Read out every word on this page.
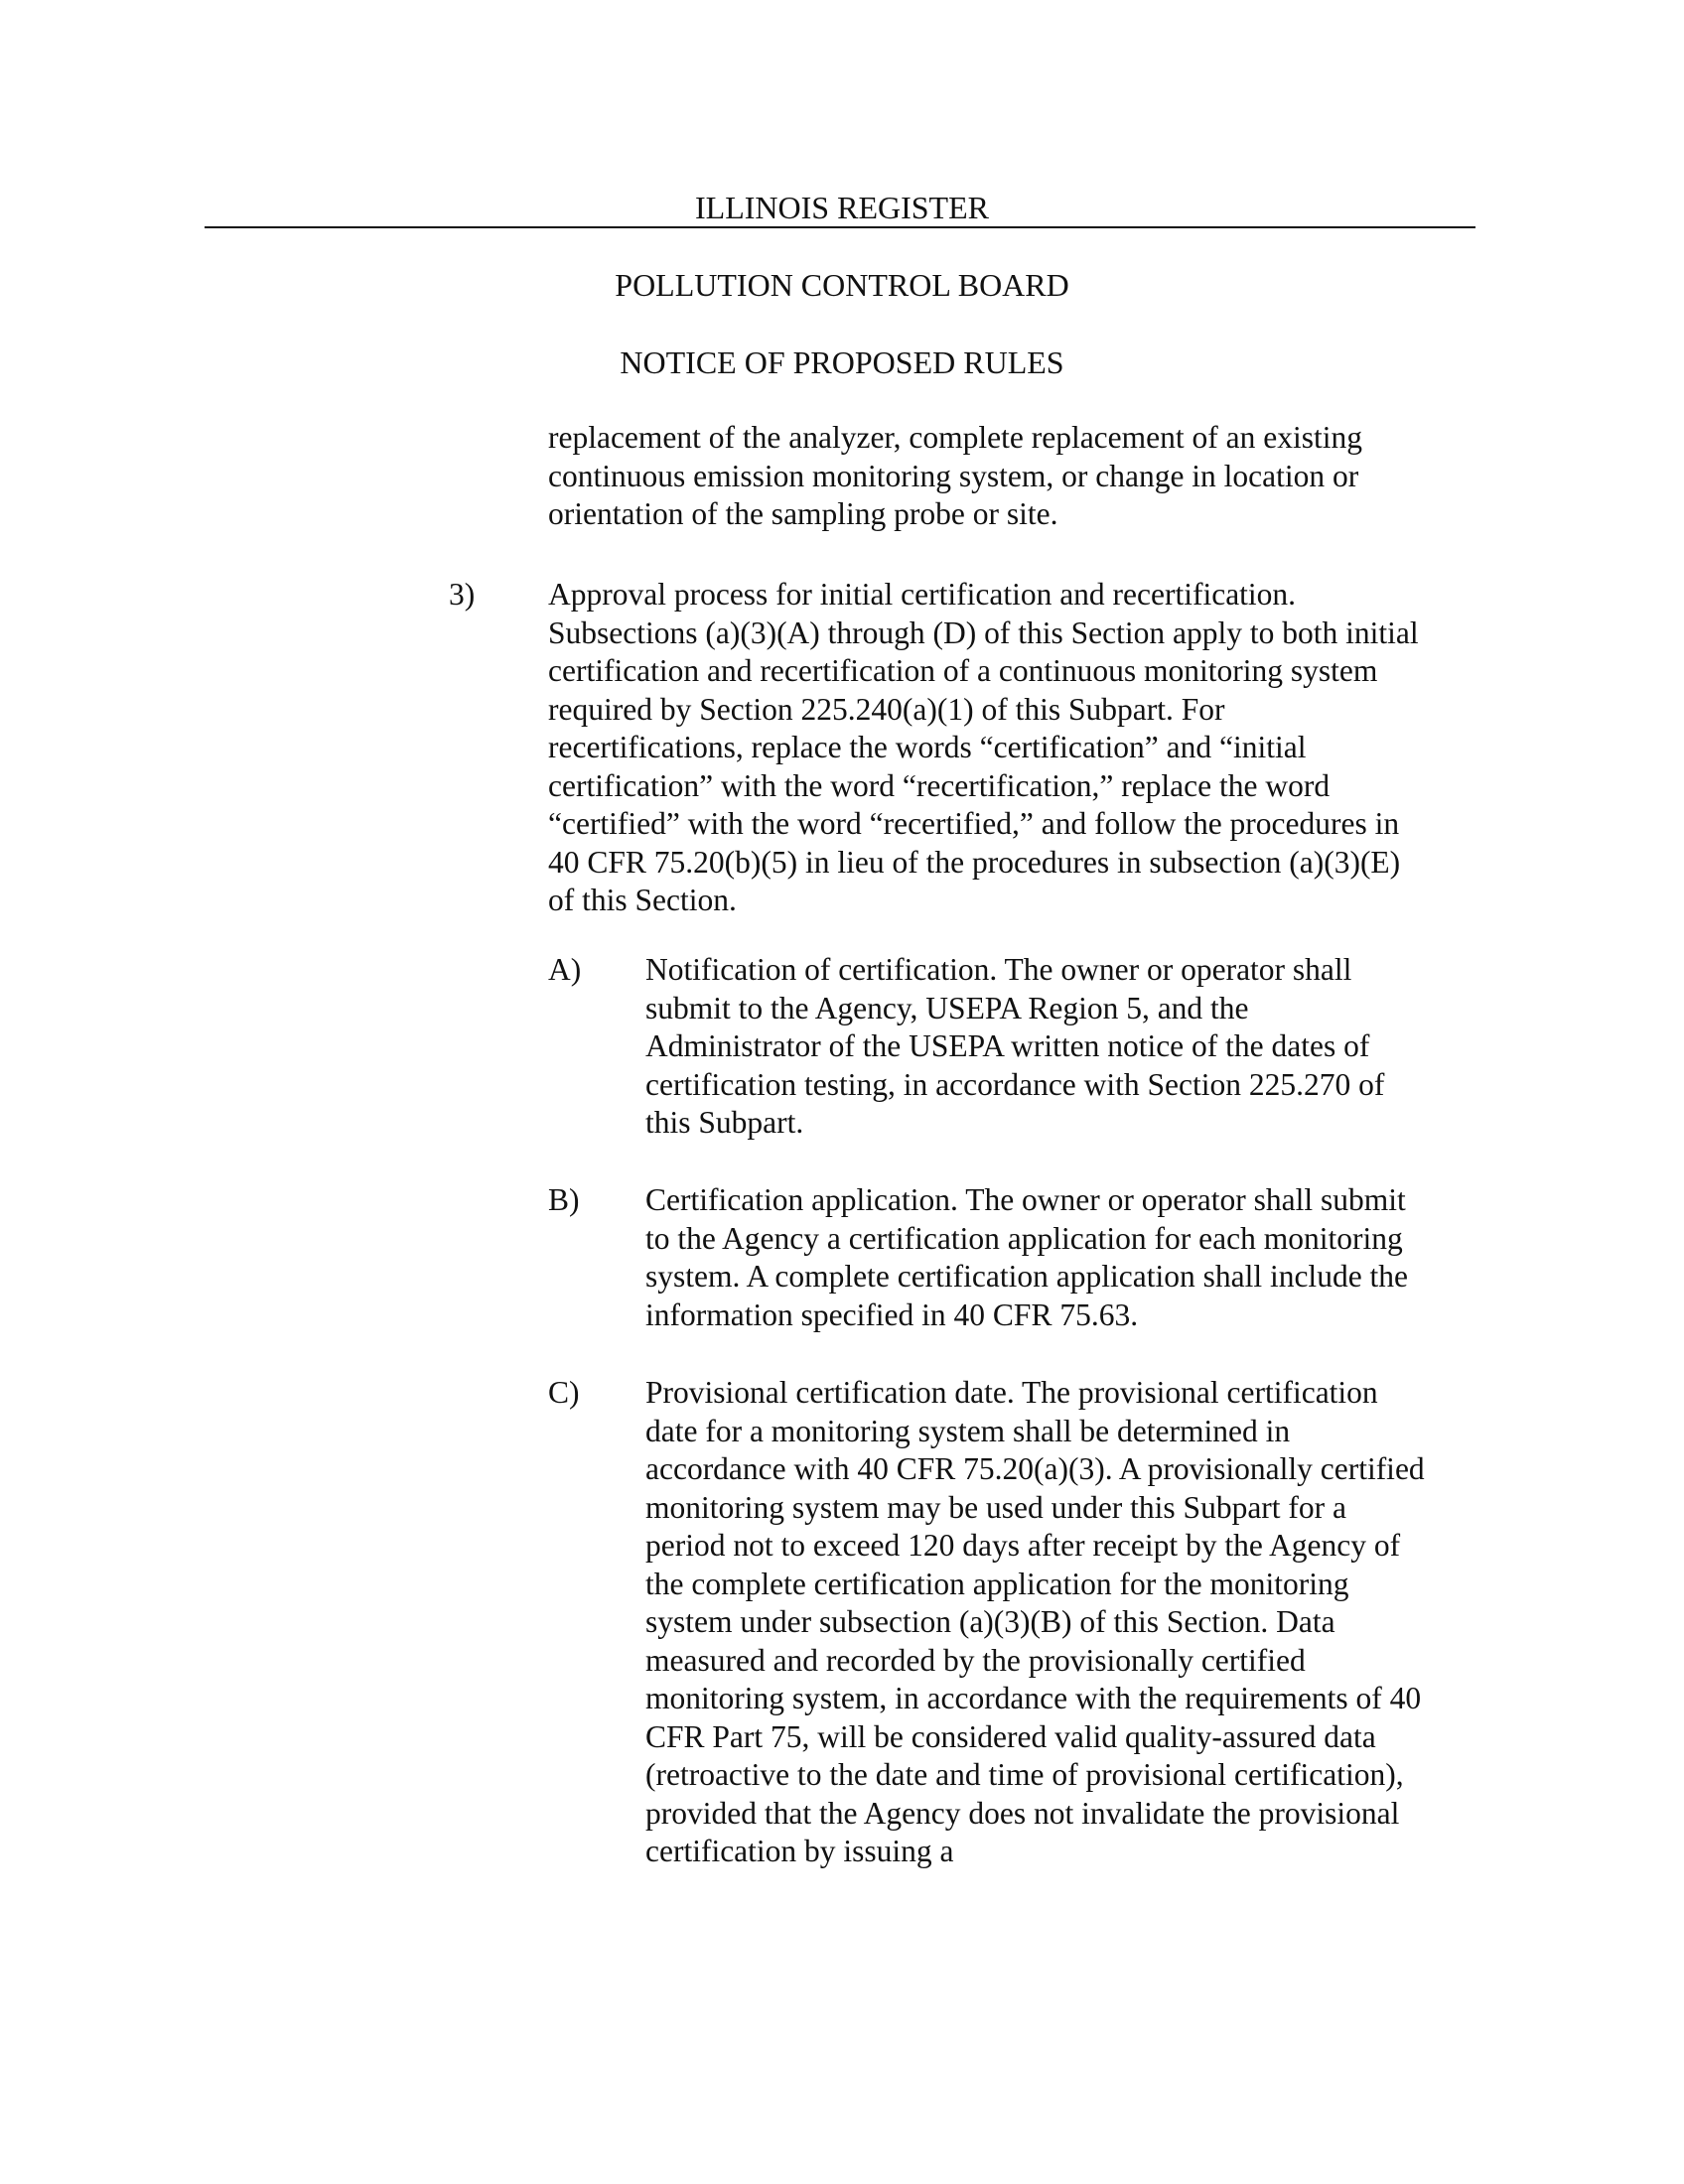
ILLINOIS REGISTER
POLLUTION CONTROL BOARD
NOTICE OF PROPOSED RULES

replacement of the analyzer, complete replacement of an existing continuous emission monitoring system, or change in location or orientation of the sampling probe or site.

3) Approval process for initial certification and recertification. Subsections (a)(3)(A) through (D) of this Section apply to both initial certification and recertification of a continuous monitoring system required by Section 225.240(a)(1) of this Subpart. For recertifications, replace the words “certification” and “initial certification” with the word “recertification,” replace the word “certified” with the word “recertified,” and follow the procedures in 40 CFR 75.20(b)(5) in lieu of the procedures in subsection (a)(3)(E) of this Section.

A) Notification of certification. The owner or operator shall submit to the Agency, USEPA Region 5, and the Administrator of the USEPA written notice of the dates of certification testing, in accordance with Section 225.270 of this Subpart.

B) Certification application. The owner or operator shall submit to the Agency a certification application for each monitoring system. A complete certification application shall include the information specified in 40 CFR 75.63.

C) Provisional certification date. The provisional certification date for a monitoring system shall be determined in accordance with 40 CFR 75.20(a)(3). A provisionally certified monitoring system may be used under this Subpart for a period not to exceed 120 days after receipt by the Agency of the complete certification application for the monitoring system under subsection (a)(3)(B) of this Section. Data measured and recorded by the provisionally certified monitoring system, in accordance with the requirements of 40 CFR Part 75, will be considered valid quality-assured data (retroactive to the date and time of provisional certification), provided that the Agency does not invalidate the provisional certification by issuing a
